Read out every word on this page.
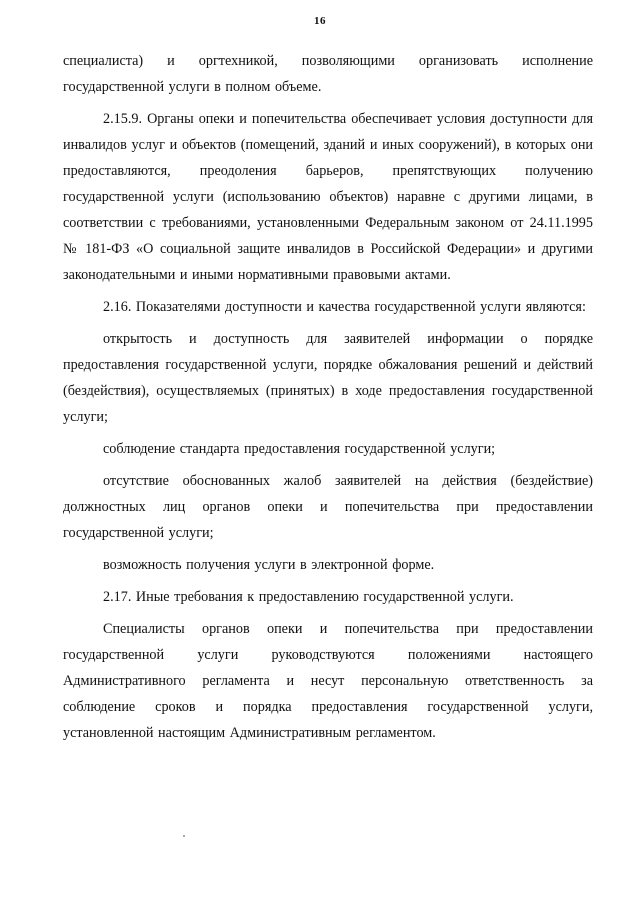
16

специалиста) и оргтехникой, позволяющими организовать исполнение государственной услуги в полном объеме.

2.15.9. Органы опеки и попечительства обеспечивает условия доступности для инвалидов услуг и объектов (помещений, зданий и иных сооружений), в которых они предоставляются, преодоления барьеров, препятствующих получению государственной услуги (использованию объектов) наравне с другими лицами, в соответствии с требованиями, установленными Федеральным законом от 24.11.1995 № 181-ФЗ «О социальной защите инвалидов в Российской Федерации» и другими законодательными и иными нормативными правовыми актами.

2.16. Показателями доступности и качества государственной услуги являются:

открытость и доступность для заявителей информации о порядке предоставления государственной услуги, порядке обжалования решений и действий (бездействия), осуществляемых (принятых) в ходе предоставления государственной услуги;

соблюдение стандарта предоставления государственной услуги;

отсутствие обоснованных жалоб заявителей на действия (бездействие) должностных лиц органов опеки и попечительства при предоставлении государственной услуги;

возможность получения услуги в электронной форме.

2.17. Иные требования к предоставлению государственной услуги.

Специалисты органов опеки и попечительства при предоставлении государственной услуги руководствуются положениями настоящего Административного регламента и несут персональную ответственность за соблюдение сроков и порядка предоставления государственной услуги, установленной настоящим Административным регламентом.
